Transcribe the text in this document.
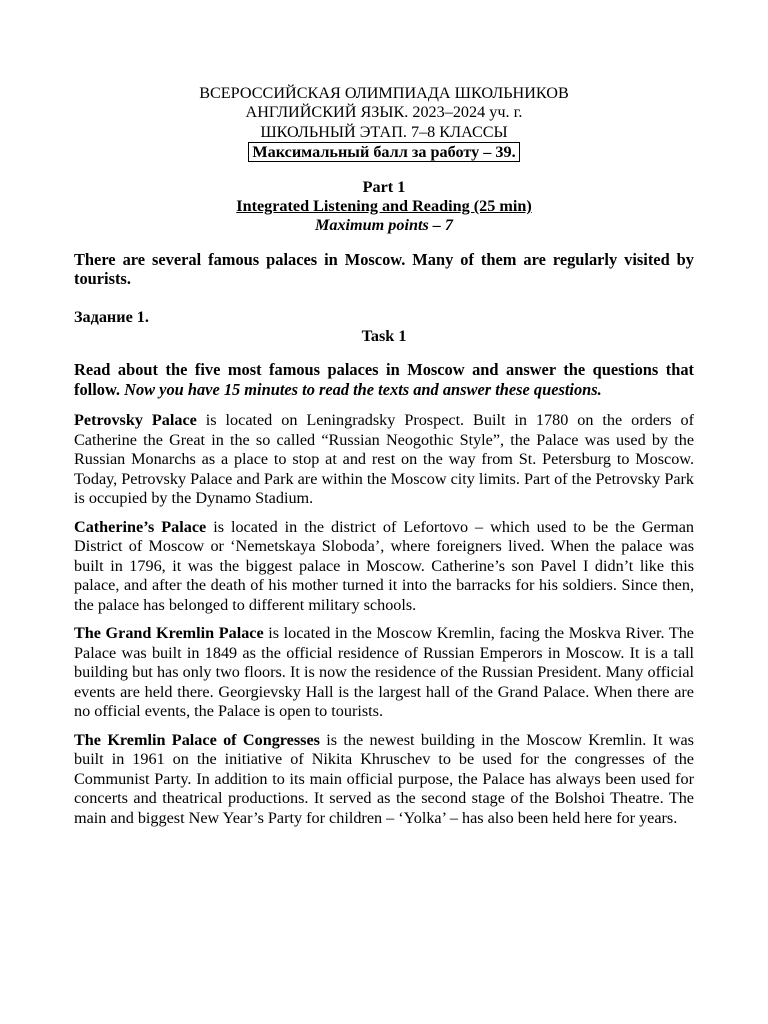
ВСЕРОССИЙСКАЯ ОЛИМПИАДА ШКОЛЬНИКОВ
АНГЛИЙСКИЙ ЯЗЫК. 2023–2024 уч. г.
ШКОЛЬНЫЙ ЭТАП. 7–8 КЛАССЫ
Максимальный балл за работу – 39.
Part 1
Integrated Listening and Reading (25 min)
Maximum points – 7
There are several famous palaces in Moscow. Many of them are regularly visited by tourists.
Задание 1.
Task 1
Read about the five most famous palaces in Moscow and answer the questions that follow. Now you have 15 minutes to read the texts and answer these questions.
Petrovsky Palace is located on Leningradsky Prospect. Built in 1780 on the orders of Catherine the Great in the so called “Russian Neogothic Style”, the Palace was used by the Russian Monarchs as a place to stop at and rest on the way from St. Petersburg to Moscow. Today, Petrovsky Palace and Park are within the Moscow city limits. Part of the Petrovsky Park is occupied by the Dynamo Stadium.
Catherine’s Palace is located in the district of Lefortovo – which used to be the German District of Moscow or ‘Nemetskaya Sloboda’, where foreigners lived. When the palace was built in 1796, it was the biggest palace in Moscow. Catherine’s son Pavel I didn’t like this palace, and after the death of his mother turned it into the barracks for his soldiers. Since then, the palace has belonged to different military schools.
The Grand Kremlin Palace is located in the Moscow Kremlin, facing the Moskva River. The Palace was built in 1849 as the official residence of Russian Emperors in Moscow. It is a tall building but has only two floors. It is now the residence of the Russian President. Many official events are held there. Georgievsky Hall is the largest hall of the Grand Palace. When there are no official events, the Palace is open to tourists.
The Kremlin Palace of Congresses is the newest building in the Moscow Kremlin. It was built in 1961 on the initiative of Nikita Khruschev to be used for the congresses of the Communist Party. In addition to its main official purpose, the Palace has always been used for concerts and theatrical productions. It served as the second stage of the Bolshoi Theatre. The main and biggest New Year’s Party for children – ‘Yolka’ – has also been held here for years.
